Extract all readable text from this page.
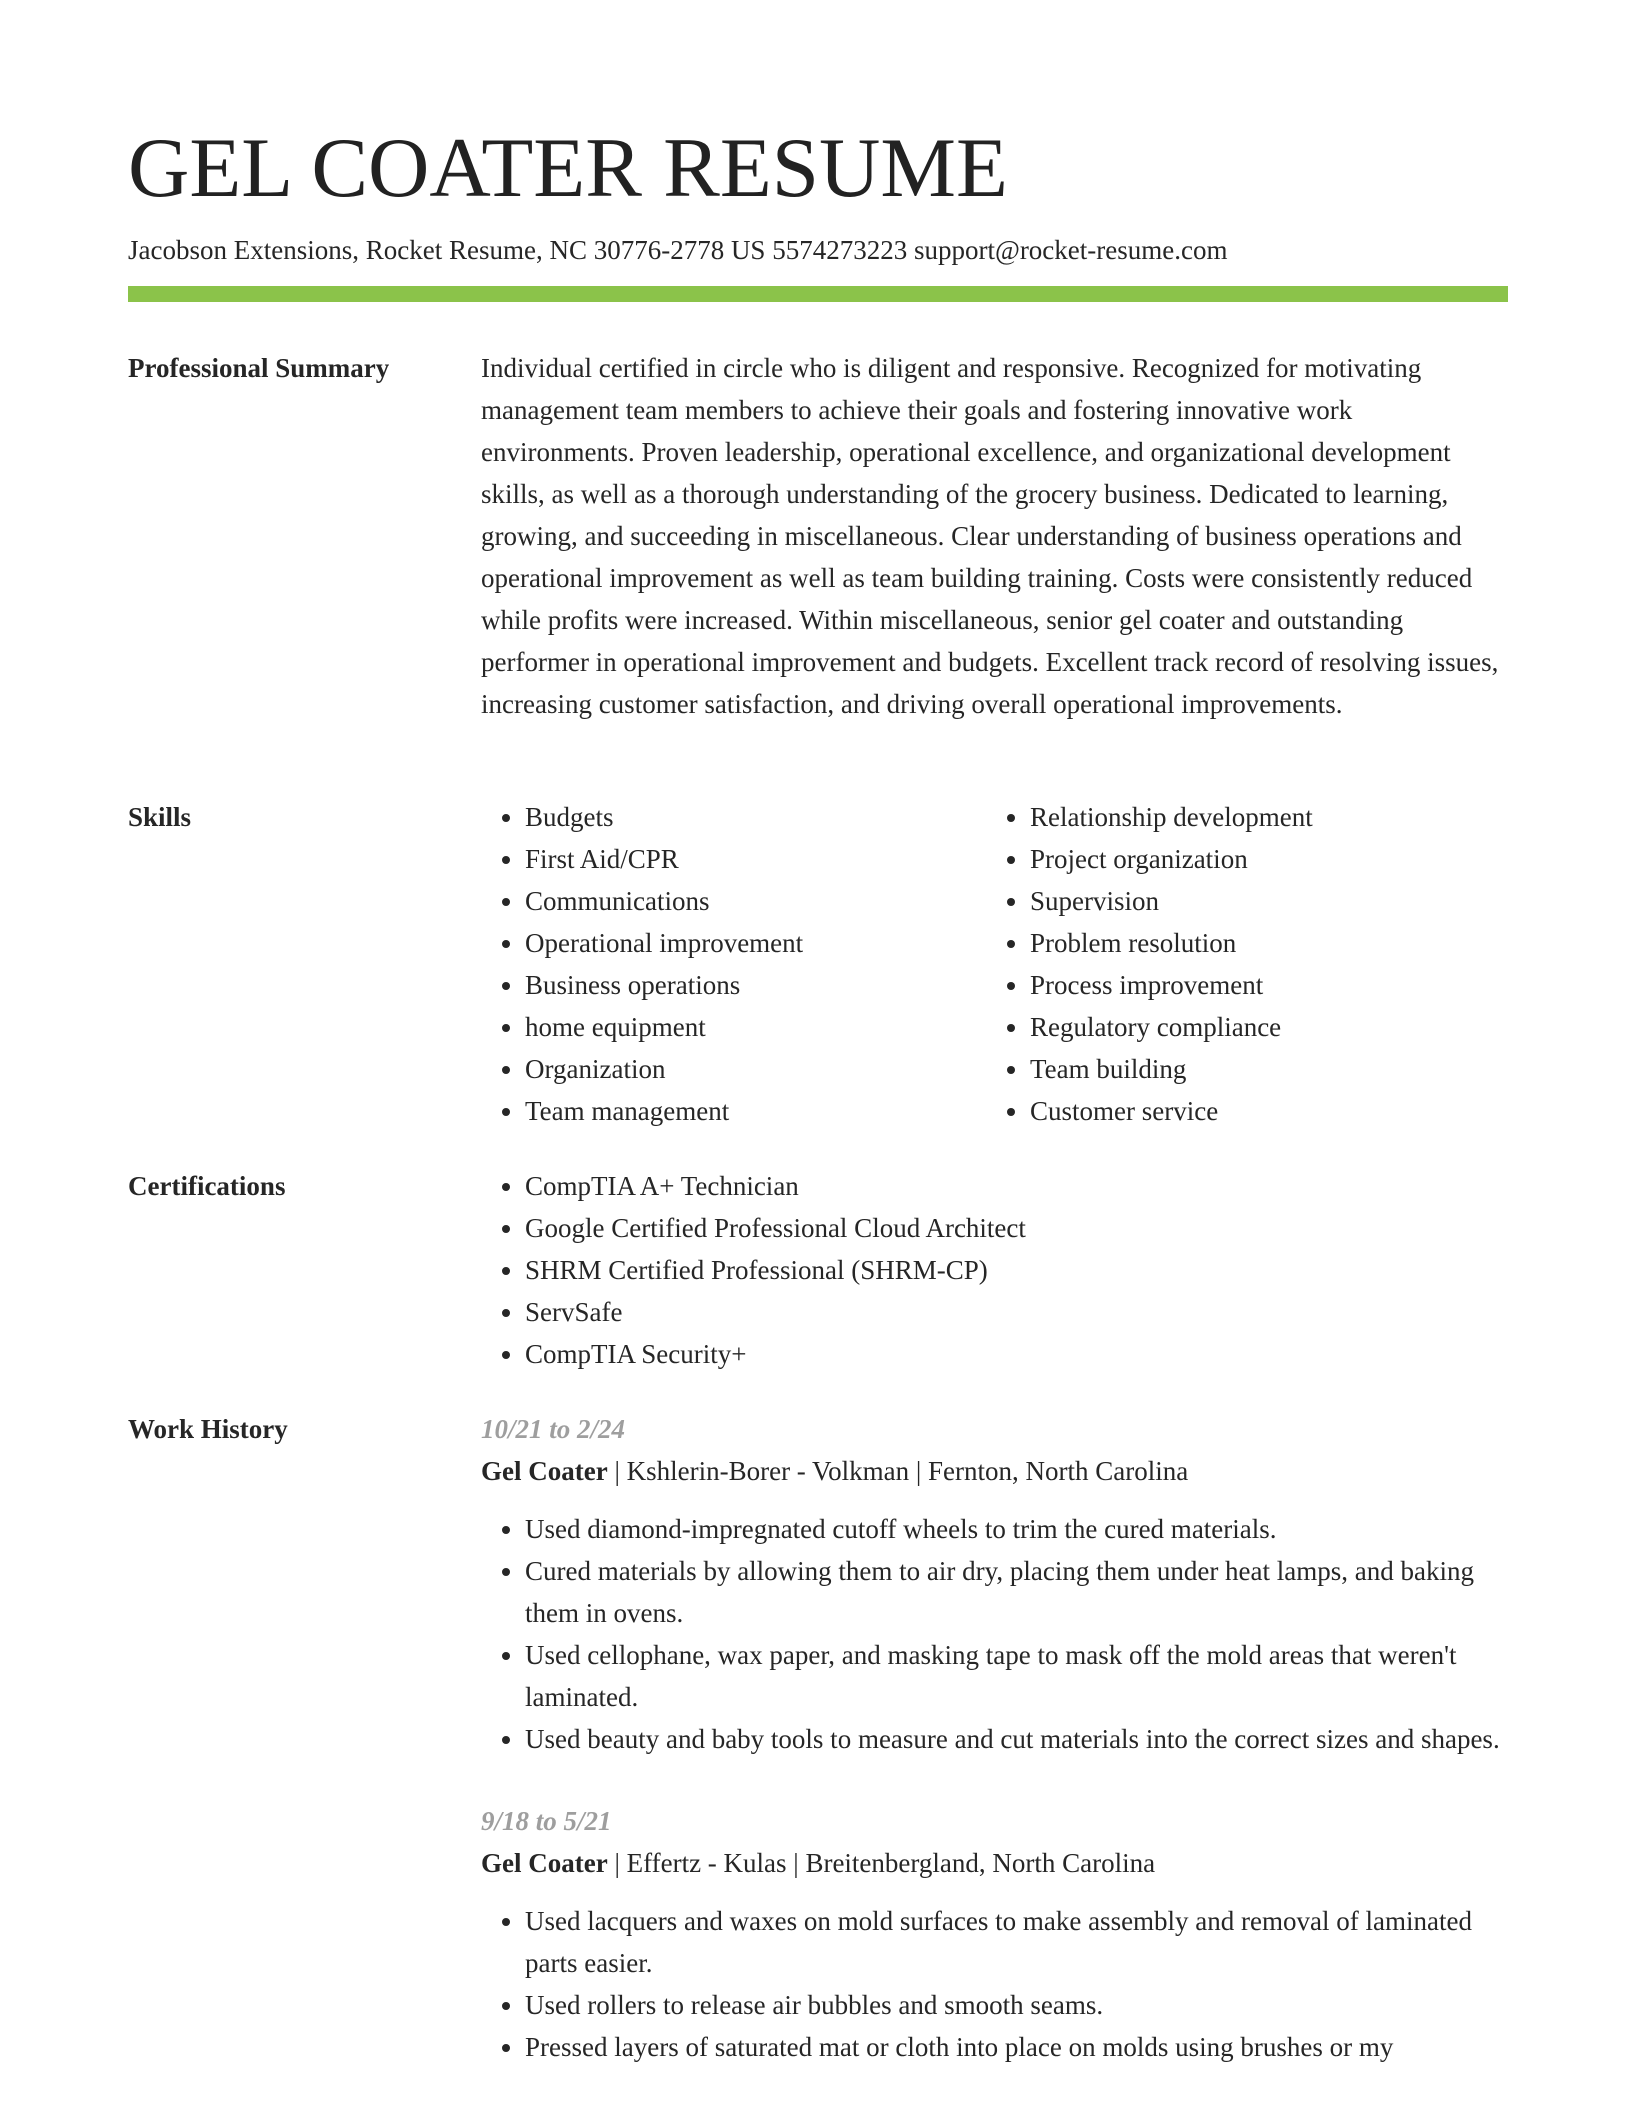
GEL COATER RESUME
Jacobson Extensions, Rocket Resume, NC 30776-2778 US 5574273223 support@rocket-resume.com
Professional Summary	Individual certified in circle who is diligent and responsive. Recognized for motivating management team members to achieve their goals and fostering innovative work environments. Proven leadership, operational excellence, and organizational development skills, as well as a thorough understanding of the grocery business. Dedicated to learning, growing, and succeeding in miscellaneous. Clear understanding of business operations and operational improvement as well as team building training. Costs were consistently reduced while profits were increased. Within miscellaneous, senior gel coater and outstanding performer in operational improvement and budgets. Excellent track record of resolving issues, increasing customer satisfaction, and driving overall operational improvements.

Skills	• Budgets
• First Aid/CPR
• Communications
• Operational improvement
• Business operations
• home equipment
• Organization
• Team management
• Relationship development
• Project organization
• Supervision
• Problem resolution
• Process improvement
• Regulatory compliance
• Team building
• Customer service
Certifications	• CompTIA A+ Technician
• Google Certified Professional Cloud Architect
• SHRM Certified Professional (SHRM-CP)
• ServSafe
• CompTIA Security+
Work History	10/21 to 2/24
Gel Coater | Kshlerin-Borer - Volkman | Fernton, North Carolina
• Used diamond-impregnated cutoff wheels to trim the cured materials.
• Cured materials by allowing them to air dry, placing them under heat lamps, and baking them in ovens.
• Used cellophane, wax paper, and masking tape to mask off the mold areas that weren't laminated.
• Used beauty and baby tools to measure and cut materials into the correct sizes and shapes.
9/18 to 5/21
Gel Coater | Effertz - Kulas | Breitenbergland, North Carolina
• Used lacquers and waxes on mold surfaces to make assembly and removal of laminated parts easier.
• Used rollers to release air bubbles and smooth seams.
• Pressed layers of saturated mat or cloth into place on molds using brushes or my
